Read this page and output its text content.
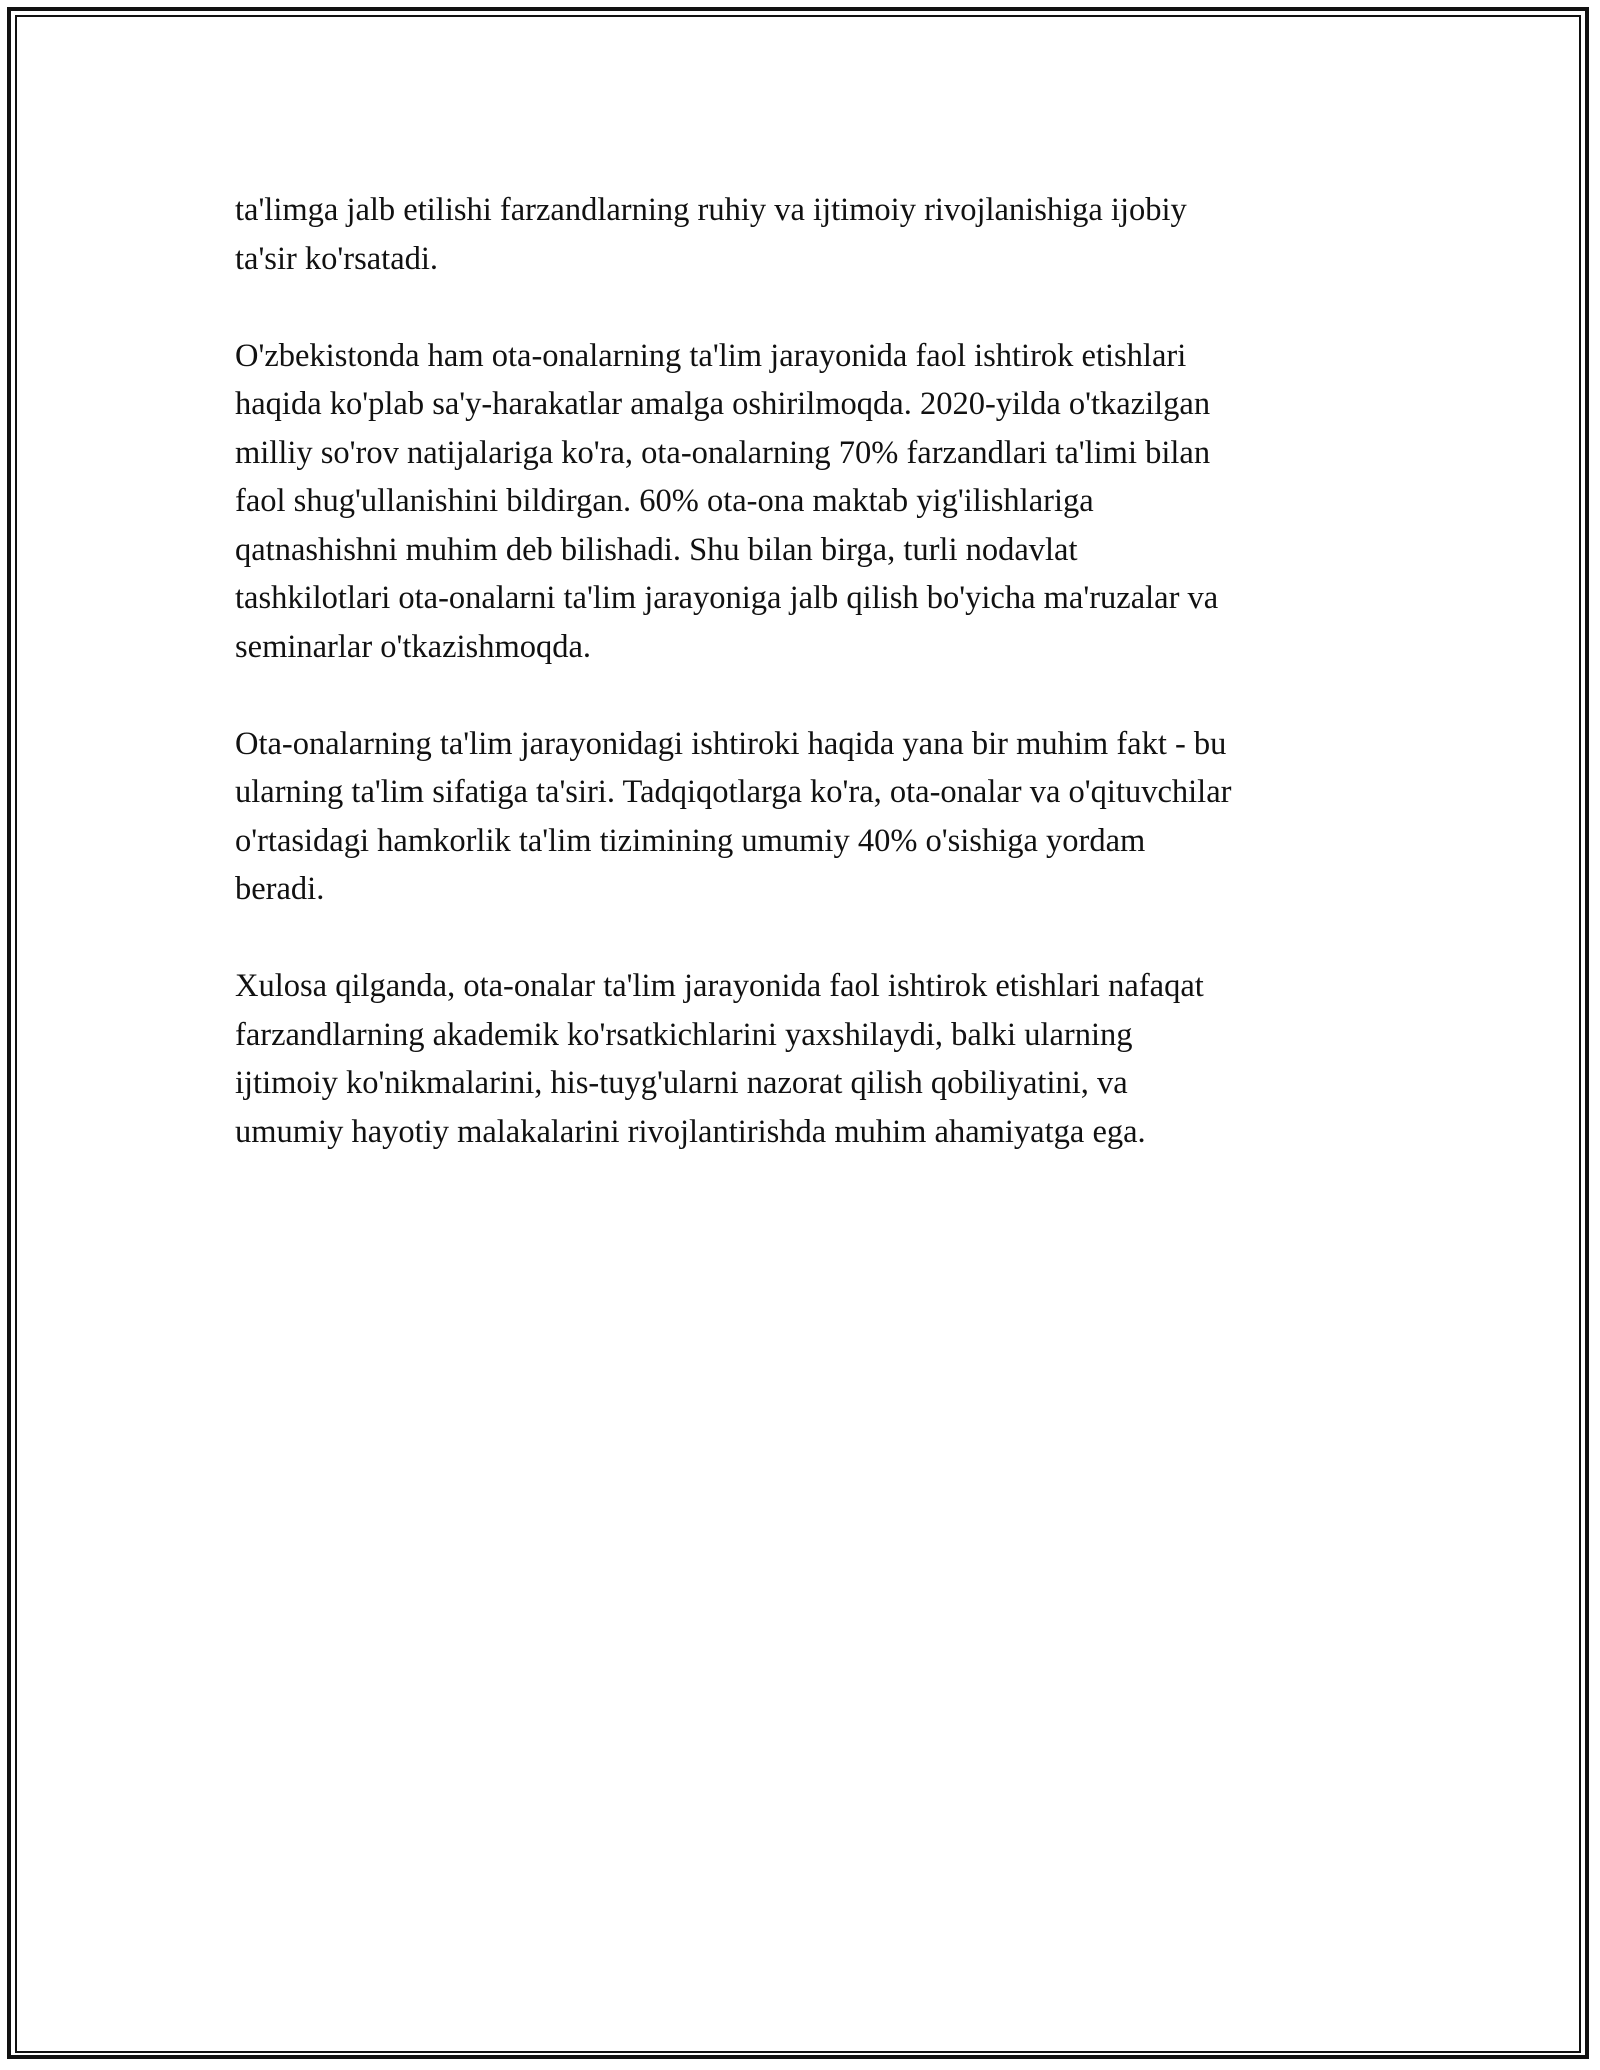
ta'limga jalb etilishi farzandlarning ruhiy va ijtimoiy rivojlanishiga ijobiy
ta'sir ko'rsatadi.

O'zbekistonda ham ota-onalarning ta'lim jarayonida faol ishtirok etishlari
haqida ko'plab sa'y-harakatlar amalga oshirilmoqda. 2020-yilda o'tkazilgan
milliy so'rov natijalariga ko'ra, ota-onalarning 70% farzandlari ta'limi bilan
faol shug'ullanishini bildirgan. 60% ota-ona maktab yig'ilishlariga
qatnashishni muhim deb bilishadi. Shu bilan birga, turli nodavlat
tashkilotlari ota-onalarni ta'lim jarayoniga jalb qilish bo'yicha ma'ruzalar va
seminarlar o'tkazishmoqda.

Ota-onalarning ta'lim jarayonidagi ishtiroki haqida yana bir muhim fakt - bu
ularning ta'lim sifatiga ta'siri. Tadqiqotlarga ko'ra, ota-onalar va o'qituvchilar
o'rtasidagi hamkorlik ta'lim tizimining umumiy 40% o'sishiga yordam
beradi.

Xulosa qilganda, ota-onalar ta'lim jarayonida faol ishtirok etishlari nafaqat
farzandlarning akademik ko'rsatkichlarini yaxshilaydi, balki ularning
ijtimoiy ko'nikmalarini, his-tuyg'ularni nazorat qilish qobiliyatini, va
umumiy hayotiy malakalarini rivojlantirishda muhim ahamiyatga ega.
